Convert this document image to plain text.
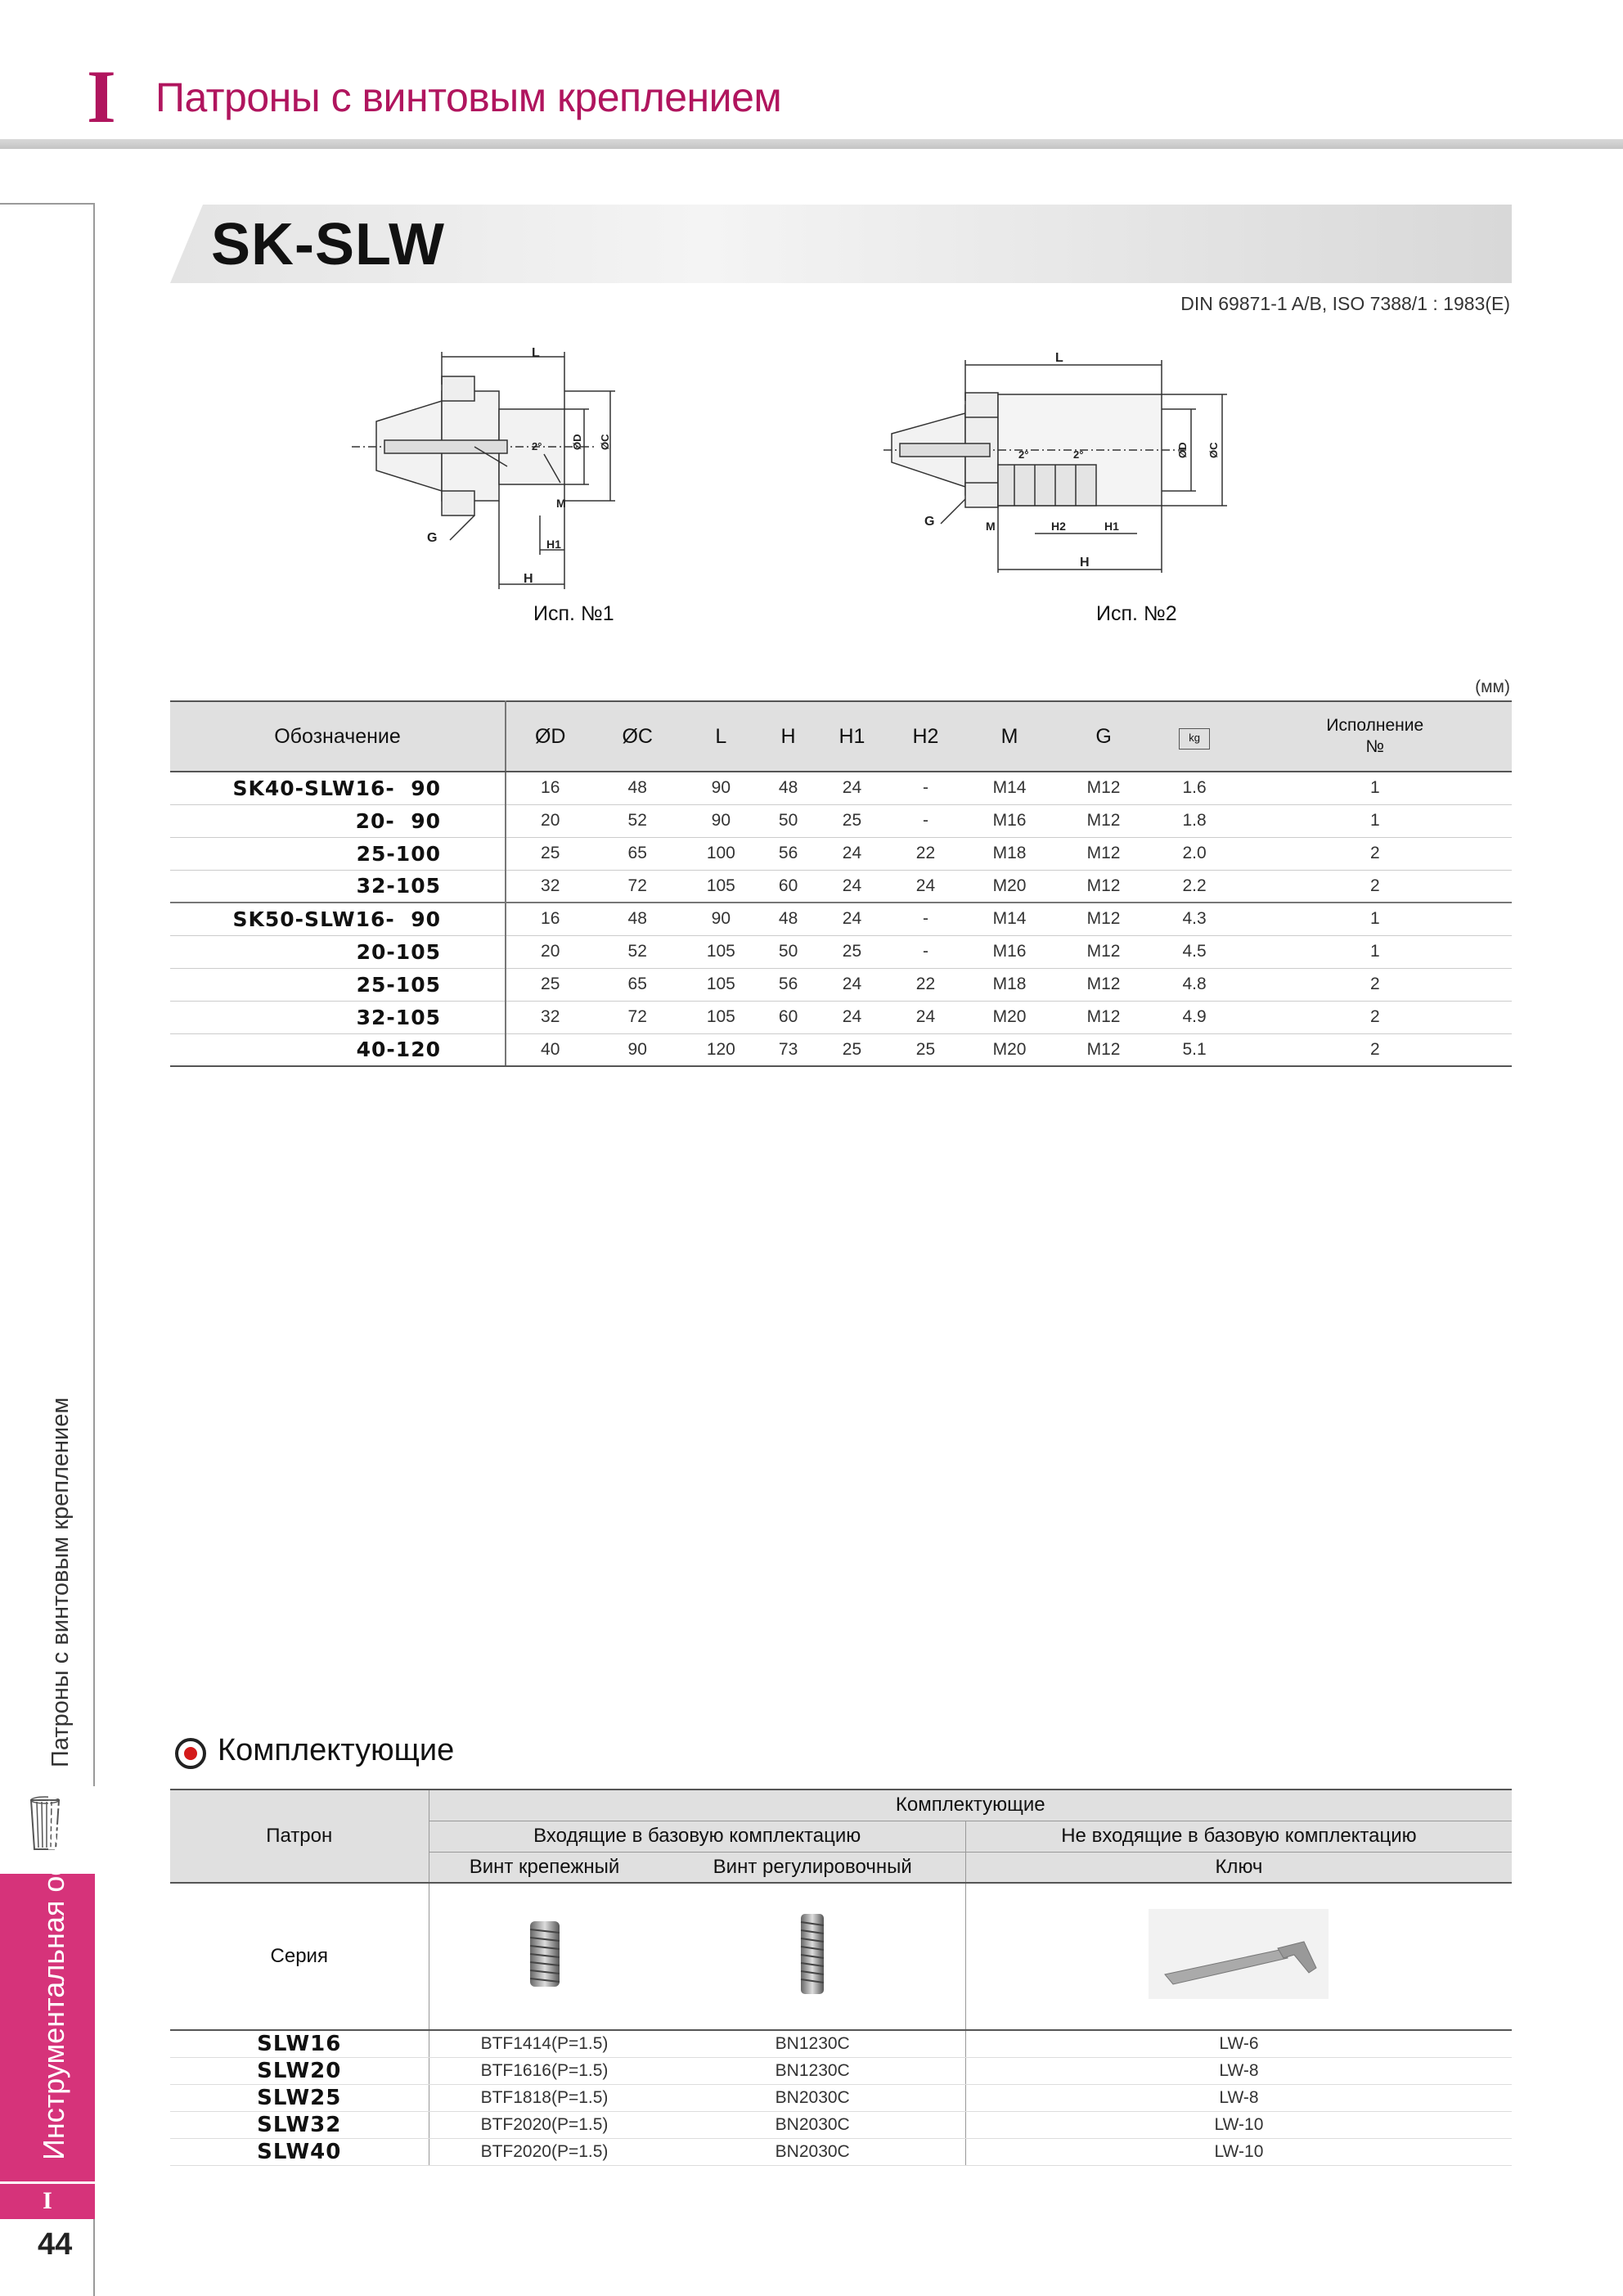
I Патроны с винтовым креплением
Патроны с винтовым креплением
Инструментальная оснастка
I
44
SK-SLW
DIN 69871-1 A/B, ISO 7388/1 : 1983(E)
L
H
H1
M
G
2°	ØD ØC
L
H
H2	H1
M
G
2°	2°	ØD ØC
Исп. №1	Исп. №2
(мм)
Обозначение	ØD	ØC	L	H	H1	H2	M	G	kg	Исполнение
№

SK40-SLW16-  90	16	48	90	48	24	-	M14	M12	1.6	1
20-  90	20	52	90	50	25	-	M16	M12	1.8	1
25-100	25	65	100	56	24	22	M18	M12	2.0	2
32-105	32	72	105	60	24	24	M20	M12	2.2	2
SK50-SLW16-  90	16	48	90	48	24	-	M14	M12	4.3	1
20-105	20	52	105	50	25	-	M16	M12	4.5	1
25-105	25	65	105	56	24	22	M18	M12	4.8	2
32-105	32	72	105	60	24	24	M20	M12	4.9	2
40-120	40	90	120	73	25	25	M20	M12	5.1	2
Комплектующие
Патрон	Комплектующие		
	Входящие в базовую комплектацию		Не входящие в базовую комплектацию
	Винт крепежный	Винт регулировочный	Ключ
Серия			
SLW16	BTF1414(P=1.5)	BN1230C	LW-6
SLW20	BTF1616(P=1.5)	BN1230C	LW-8
SLW25	BTF1818(P=1.5)	BN2030C	LW-8
SLW32	BTF2020(P=1.5)	BN2030C	LW-10
SLW40	BTF2020(P=1.5)	BN2030C	LW-10
